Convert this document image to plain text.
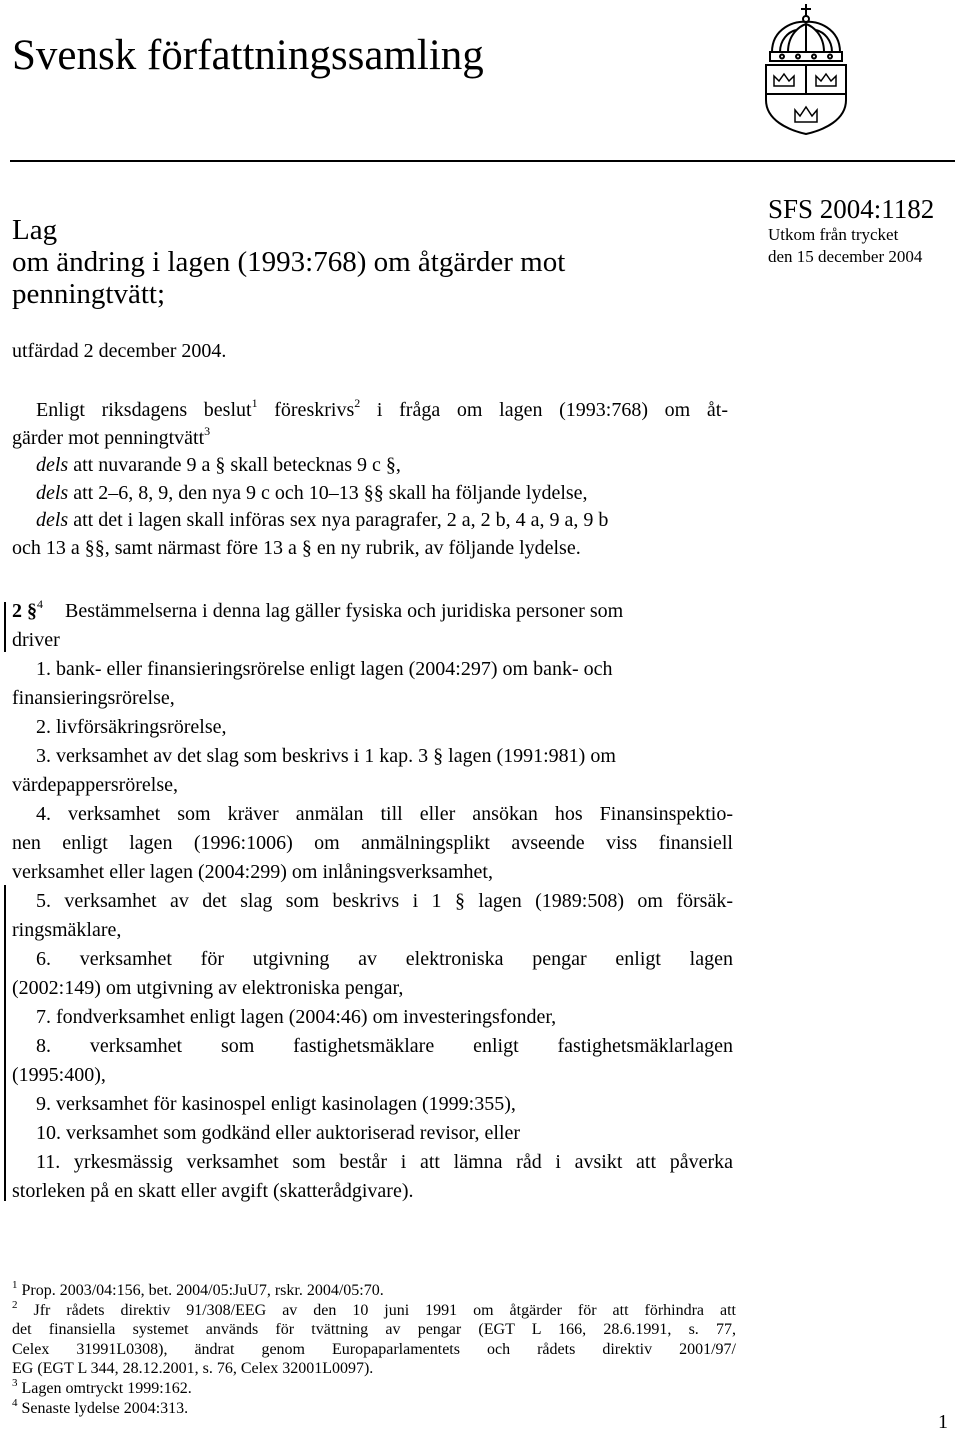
Svensk författningssamling
Lag
om ändring i lagen (1993:768) om åtgärder mot
penningtvätt;
SFS 2004:1182
Utkom från trycket
den 15 december 2004
utfärdad 2 december 2004.
Enligt riksdagens beslut$^1$ föreskrivs$^2$ i fråga om lagen (1993:768) om åt-
gärder mot penningtvätt$^3$
dels att nuvarande 9 a § skall betecknas 9 c §,
dels att 2–6, 8, 9, den nya 9 c och 10–13 §§ skall ha följande lydelse,
dels att det i lagen skall införas sex nya paragrafer, 2 a, 2 b, 4 a, 9 a, 9 b
och 13 a §§, samt närmast före 13 a § en ny rubrik, av följande lydelse.
2 §$^4$ Bestämmelserna i denna lag gäller fysiska och juridiska personer som
driver
1. bank- eller finansieringsrörelse enligt lagen (2004:297) om bank- och
finansieringsrörelse,
2. livförsäkringsrörelse,
3. verksamhet av det slag som beskrivs i 1 kap. 3 § lagen (1991:981) om
värdepappersrörelse,
4. verksamhet som kräver anmälan till eller ansökan hos Finansinspektio-
nen enligt lagen (1996:1006) om anmälningsplikt avseende viss finansiell
verksamhet eller lagen (2004:299) om inlåningsverksamhet,
5. verksamhet av det slag som beskrivs i 1 § lagen (1989:508) om försäk-
ringsmäklare,
6. verksamhet för utgivning av elektroniska pengar enligt lagen
(2002:149) om utgivning av elektroniska pengar,
7. fondverksamhet enligt lagen (2004:46) om investeringsfonder,
8. verksamhet som fastighetsmäklare enligt fastighetsmäklarlagen
(1995:400),
9. verksamhet för kasinospel enligt kasinolagen (1999:355),
10. verksamhet som godkänd eller auktoriserad revisor, eller
11. yrkesmässig verksamhet som består i att lämna råd i avsikt att påverka
storleken på en skatt eller avgift (skatterådgivare).
$^1$ Prop. 2003/04:156, bet. 2004/05:JuU7, rskr. 2004/05:70.
$^2$ Jfr rådets direktiv 91/308/EEG av den 10 juni 1991 om åtgärder för att förhindra att
det finansiella systemet används för tvättning av pengar (EGT L 166, 28.6.1991, s. 77,
Celex 31991L0308), ändrat genom Europaparlamentets och rådets direktiv 2001/97/
EG (EGT L 344, 28.12.2001, s. 76, Celex 32001L0097).
$^3$ Lagen omtryckt 1999:162.
$^4$ Senaste lydelse 2004:313.
1
